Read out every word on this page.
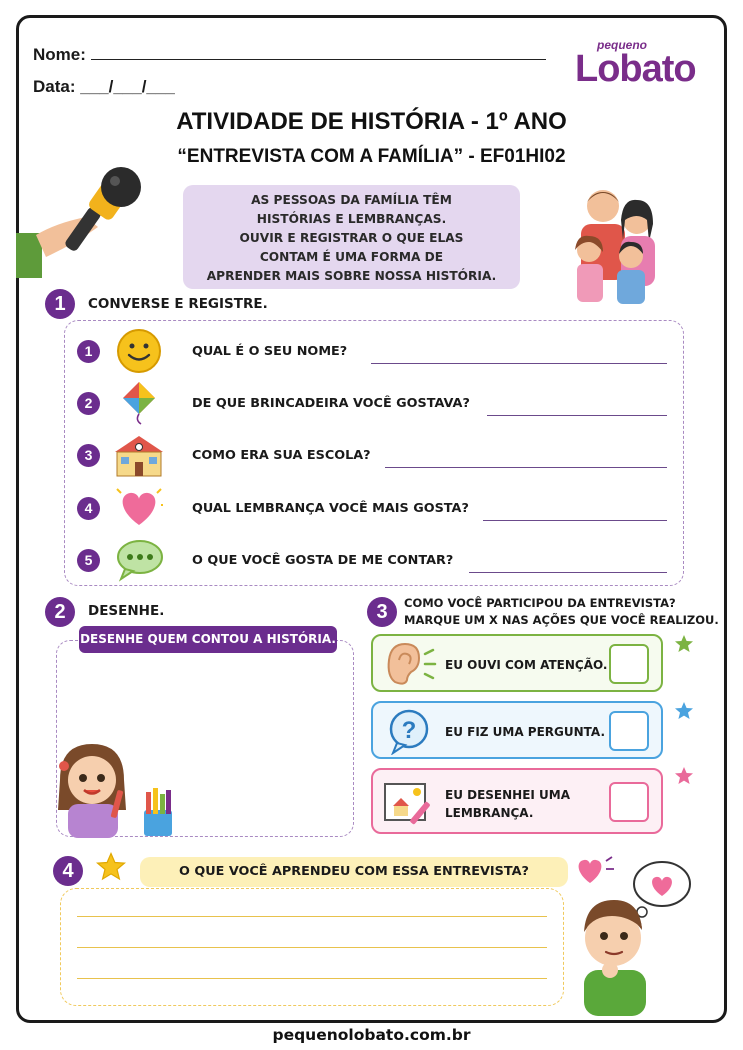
Nome:
Data: ___/___/___
pequeno
Lobato
ATIVIDADE DE HISTÓRIA - 1º ANO
“ENTREVISTA COM A FAMÍLIA” - EF01HI02
AS PESSOAS DA FAMÍLIA TÊM
HISTÓRIAS E LEMBRANÇAS.
OUVIR E REGISTRAR O QUE ELAS
CONTAM É UMA FORMA DE
APRENDER MAIS SOBRE NOSSA HISTÓRIA.
1	CONVERSE E REGISTRE.
1	QUAL É O SEU NOME?
2	DE QUE BRINCADEIRA VOCÊ GOSTAVA?
3	COMO ERA SUA ESCOLA?
4	QUAL LEMBRANÇA VOCÊ MAIS GOSTA?
5	O QUE VOCÊ GOSTA DE ME CONTAR?
2	DESENHE.
DESENHE QUEM CONTOU A HISTÓRIA.
3	COMO VOCÊ PARTICIPOU DA ENTREVISTA?
MARQUE UM X NAS AÇÕES QUE VOCÊ REALIZOU.
EU OUVI COM ATENÇÃO.
? EU FIZ UMA PERGUNTA.
EU DESENHEI UMA
LEMBRANÇA.
4	O QUE VOCÊ APRENDEU COM ESSA ENTREVISTA?
pequenolobato.com.br
